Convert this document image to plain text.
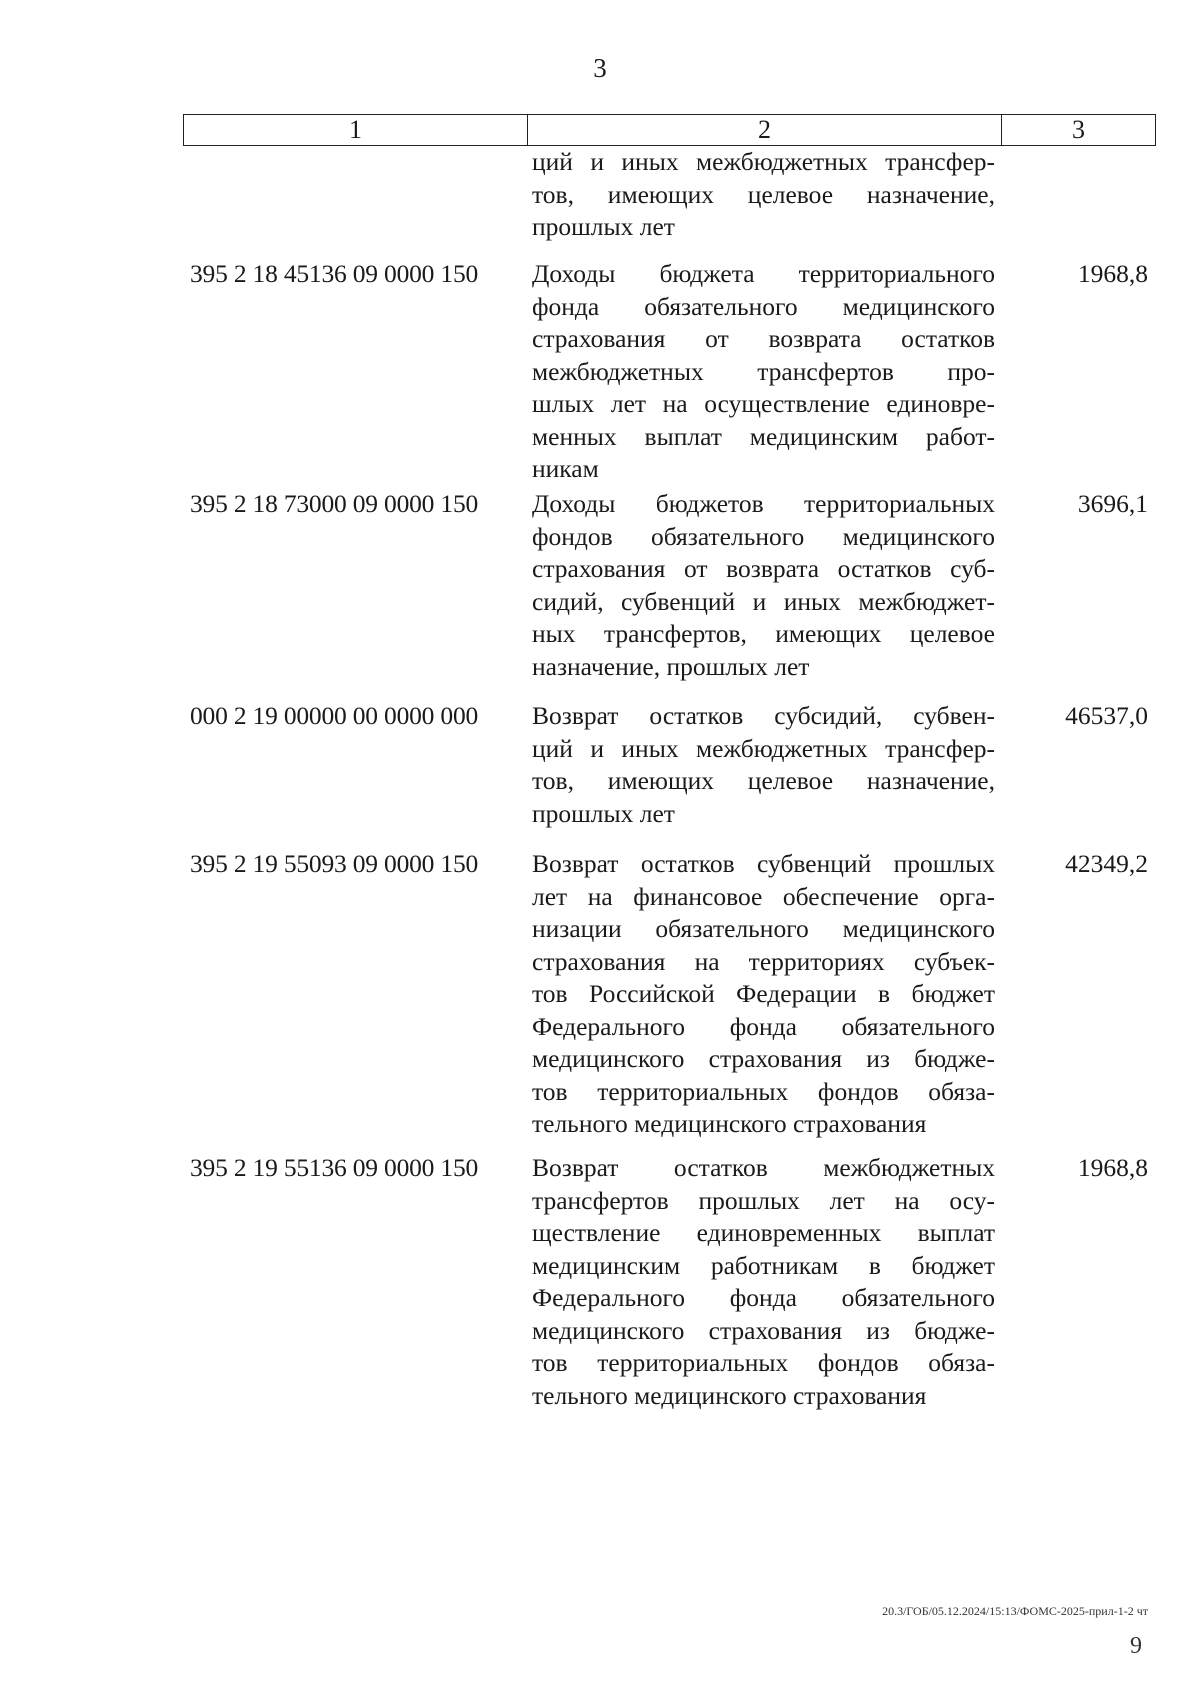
3
1	2	3
ций и иных межбюджетных трансфер-
тов, имеющих целевое назначение,
прошлых лет
395 2 18 45136 09 0000 150	Доходы бюджета территориального
фонда обязательного медицинского
страхования от возврата остатков
межбюджетных трансфертов про-
шлых лет на осуществление единовре-
менных выплат медицинским работ-
никам
1968,8
395 2 18 73000 09 0000 150	Доходы бюджетов территориальных
фондов обязательного медицинского
страхования от возврата остатков суб-
сидий, субвенций и иных межбюджет-
ных трансфертов, имеющих целевое
назначение, прошлых лет
3696,1
000 2 19 00000 00 0000 000	Возврат остатков субсидий, субвен-
ций и иных межбюджетных трансфер-
тов, имеющих целевое назначение,
прошлых лет
46537,0
395 2 19 55093 09 0000 150	Возврат остатков субвенций прошлых
лет на финансовое обеспечение орга-
низации обязательного медицинского
страхования на территориях субъек-
тов Российской Федерации в бюджет
Федерального фонда обязательного
медицинского страхования из бюдже-
тов территориальных фондов обяза-
тельного медицинского страхования
42349,2
395 2 19 55136 09 0000 150	Возврат остатков межбюджетных
трансфертов прошлых лет на осу-
ществление единовременных выплат
медицинским работникам в бюджет
Федерального фонда обязательного
медицинского страхования из бюдже-
тов территориальных фондов обяза-
тельного медицинского страхования
1968,8
20.3/ГОБ/05.12.2024/15:13/ФОМС-2025-прил-1-2 чт
9
